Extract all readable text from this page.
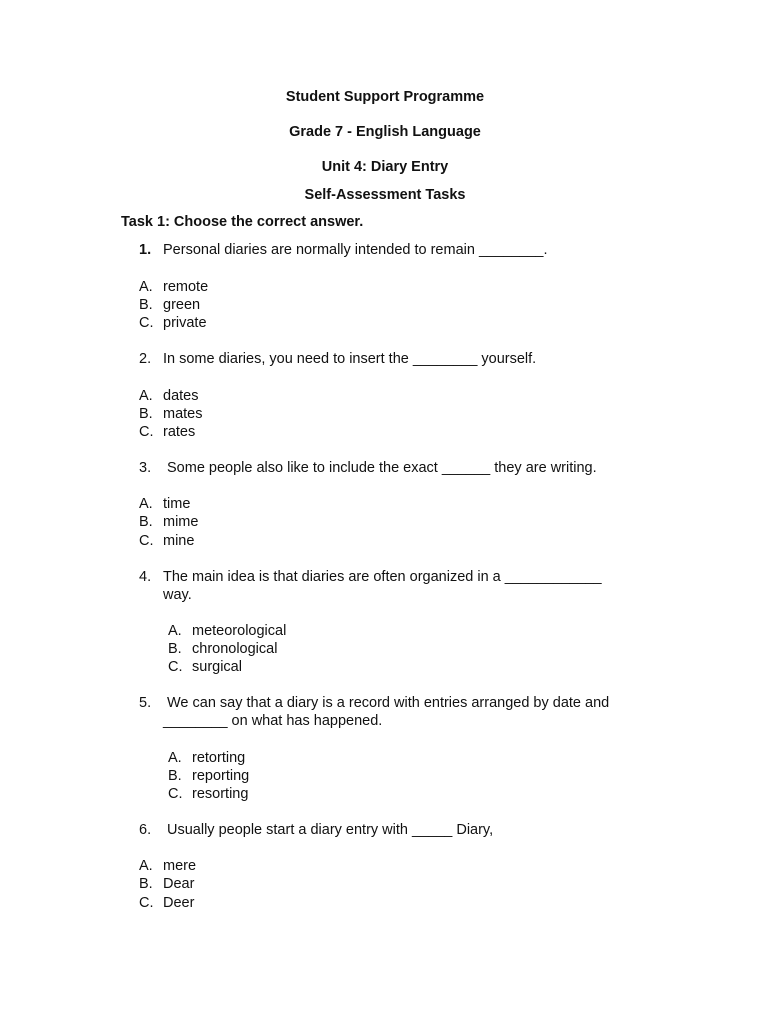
Student Support Programme
Grade 7 - English Language
Unit 4: Diary Entry
Self-Assessment Tasks
Task 1: Choose the correct answer.
1. Personal diaries are normally intended to remain ________.
A. remote
B. green
C. private
2. In some diaries, you need to insert the ________ yourself.
A. dates
B. mates
C. rates
3. Some people also like to include the exact ______ they are writing.
A. time
B. mime
C. mine
4. The main idea is that diaries are often organized in a ____________
way.
A. meteorological
B. chronological
C. surgical
5. We can say that a diary is a record with entries arranged by date and
________ on what has happened.
A. retorting
B. reporting
C. resorting
6. Usually people start a diary entry with _____ Diary,
A. mere
B. Dear
C. Deer
